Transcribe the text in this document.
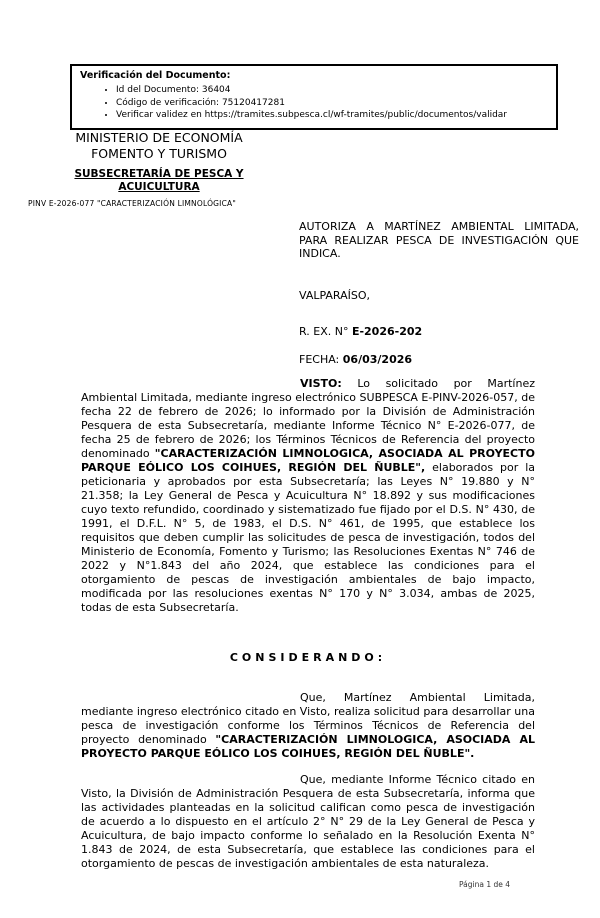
Verificación del Documento:
• Id del Documento: 36404
• Código de verificación: 75120417281
• Verificar validez en https://tramites.subpesca.cl/wf-tramites/public/documentos/validar
MINISTERIO DE ECONOMÍA
FOMENTO Y TURISMO
SUBSECRETARÍA DE PESCA Y ACUICULTURA
PINV E-2026-077 "CARACTERIZACIÓN LIMNOLÓGICA"
AUTORIZA A MARTÍNEZ AMBIENTAL LIMITADA, PARA REALIZAR PESCA DE INVESTIGACIÓN QUE INDICA.
VALPARAÍSO,
R. EX. N° E-2026-202
FECHA: 06/03/2026

VISTO: Lo solicitado por Martínez Ambiental Limitada, mediante ingreso electrónico SUBPESCA E-PINV-2026-057, de fecha 22 de febrero de 2026; lo informado por la División de Administración Pesquera de esta Subsecretaría, mediante Informe Técnico N° E-2026-077, de fecha 25 de febrero de 2026; los Términos Técnicos de Referencia del proyecto denominado "CARACTERIZACIÓN LIMNOLOGICA, ASOCIADA AL PROYECTO PARQUE EÓLICO LOS COIHUES, REGIÓN DEL ÑUBLE", elaborados por la peticionaria y aprobados por esta Subsecretaría; las Leyes N° 19.880 y N° 21.358; la Ley General de Pesca y Acuicultura N° 18.892 y sus modificaciones cuyo texto refundido, coordinado y sistematizado fue fijado por el D.S. N° 430, de 1991, el D.F.L. N° 5, de 1983, el D.S. N° 461, de 1995, que establece los requisitos que deben cumplir las solicitudes de pesca de investigación, todos del Ministerio de Economía, Fomento y Turismo; las Resoluciones Exentas N° 746 de 2022 y N°1.843 del año 2024, que establece las condiciones para el otorgamiento de pescas de investigación ambientales de bajo impacto, modificada por las resoluciones exentas N° 170 y N° 3.034, ambas de 2025, todas de esta Subsecretaría.

CONSIDERANDO:

Que, Martínez Ambiental Limitada, mediante ingreso electrónico citado en Visto, realiza solicitud para desarrollar una pesca de investigación conforme los Términos Técnicos de Referencia del proyecto denominado "CARACTERIZACIÓN LIMNOLOGICA, ASOCIADA AL PROYECTO PARQUE EÓLICO LOS COIHUES, REGIÓN DEL ÑUBLE".

Que, mediante Informe Técnico citado en Visto, la División de Administración Pesquera de esta Subsecretaría, informa que las actividades planteadas en la solicitud califican como pesca de investigación de acuerdo a lo dispuesto en el artículo 2° N° 29 de la Ley General de Pesca y Acuicultura, de bajo impacto conforme lo señalado en la Resolución Exenta N° 1.843 de 2024, de esta Subsecretaría, que establece las condiciones para el otorgamiento de pescas de investigación ambientales de esta naturaleza.

Página 1 de 4
